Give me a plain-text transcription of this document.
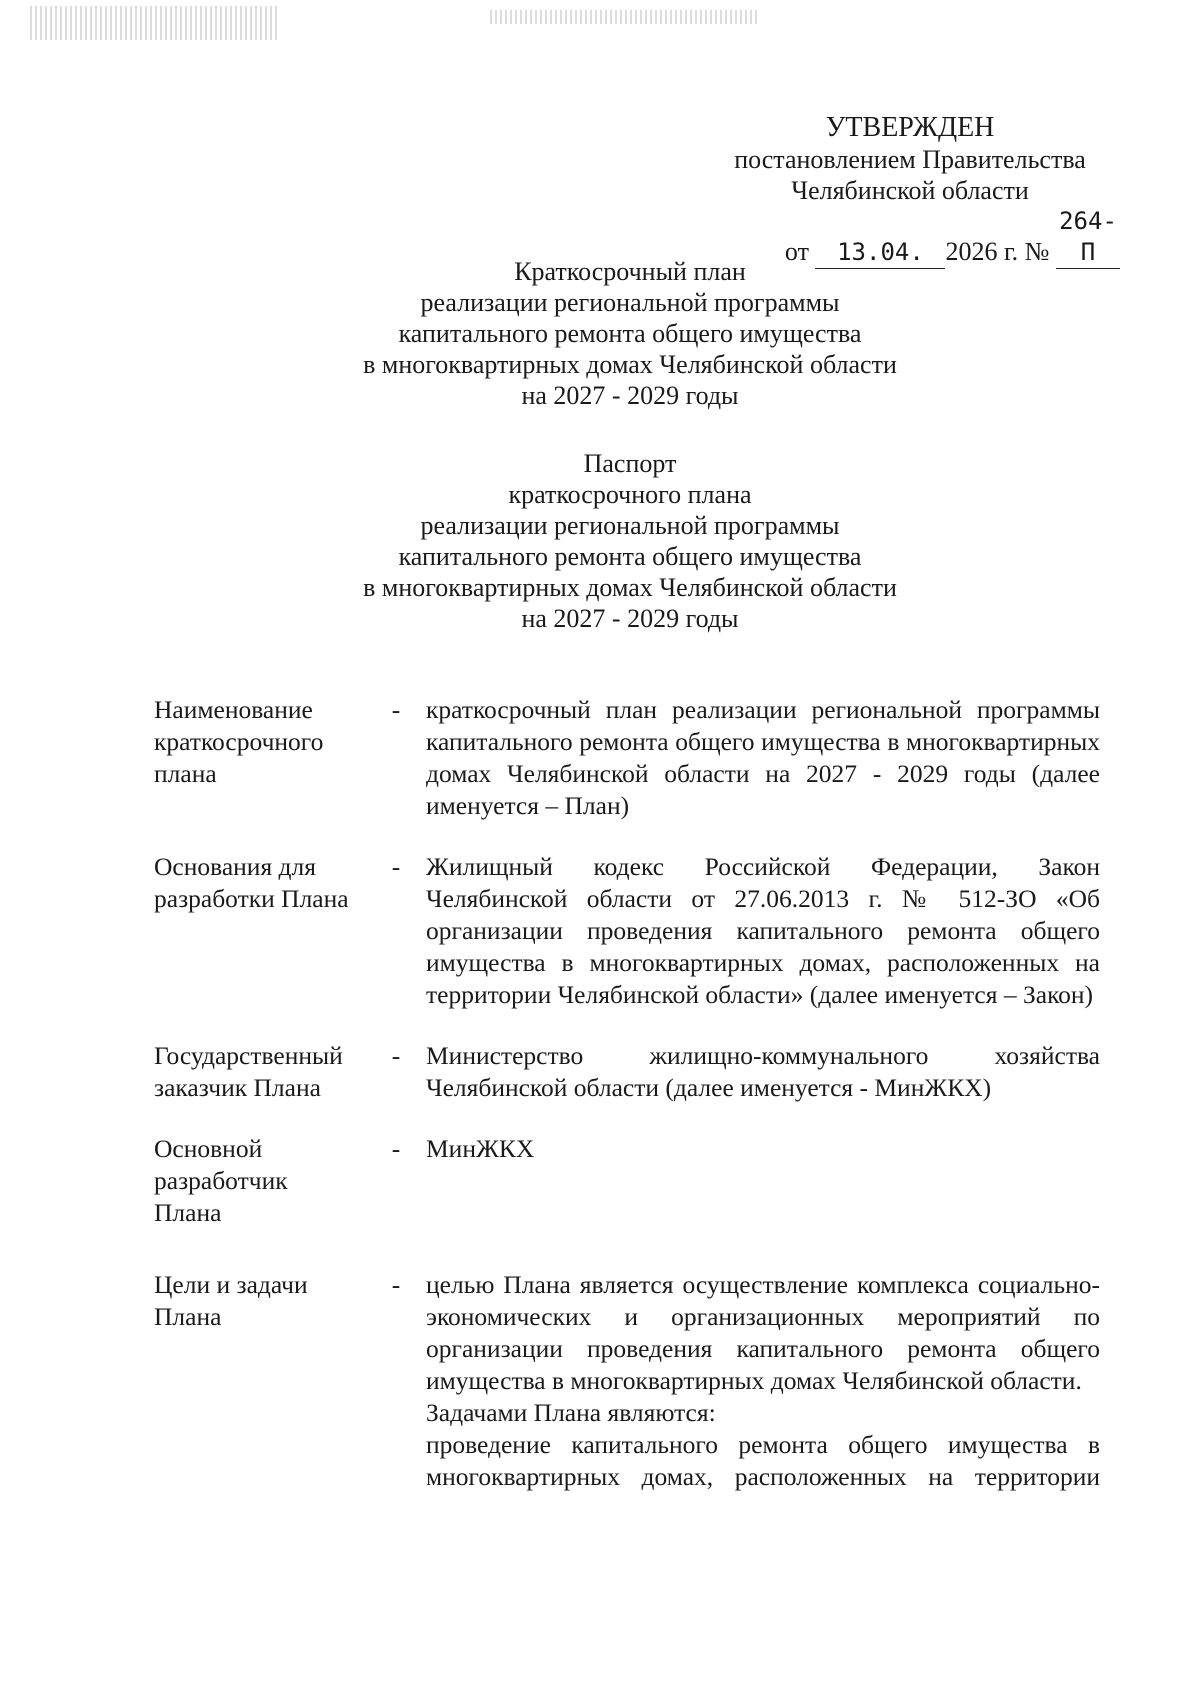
УТВЕРЖДЕН
постановлением Правительства
Челябинской области
от 13.04. 2026 г. № 264-П
Краткосрочный план
реализации региональной программы
капитального ремонта общего имущества
в многоквартирных домах Челябинской области
на 2027 - 2029 годы
Паспорт
краткосрочного плана
реализации региональной программы
капитального ремонта общего имущества
в многоквартирных домах Челябинской области
на 2027 - 2029 годы
Наименование краткосрочного плана
-	краткосрочный план реализации региональной программы капитального ремонта общего имущества в многоквартирных домах Челябинской области на 2027 - 2029 годы (далее именуется – План)
Основания для разработки Плана
-	Жилищный кодекс Российской Федерации, Закон Челябинской области от 27.06.2013 г. № 512-ЗО «Об организации проведения капитального ремонта общего имущества в многоквартирных домах, расположенных на территории Челябинской области» (далее именуется – Закон)
Государственный заказчик Плана
-	Министерство жилищно-коммунального хозяйства Челябинской области (далее именуется - МинЖКХ)
Основной разработчик Плана
-	МинЖКХ
Цели и задачи Плана
-	целью Плана является осуществление комплекса социально-экономических и организационных мероприятий по организации проведения капитального ремонта общего имущества в многоквартирных домах Челябинской области.

Задачами Плана являются:

проведение капитального ремонта общего имущества в многоквартирных домах, расположенных на территории
